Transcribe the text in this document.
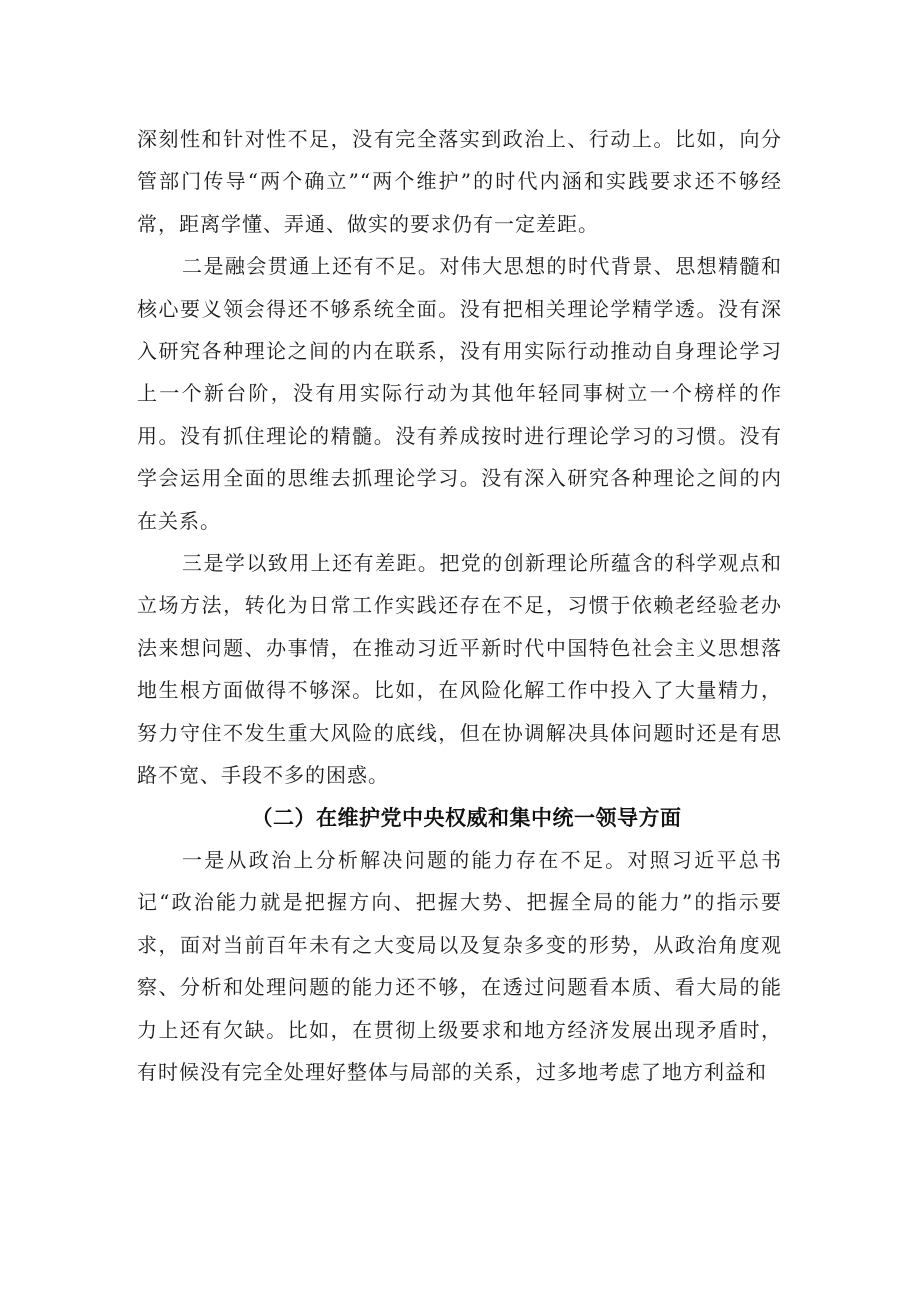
深刻性和针对性不足，没有完全落实到政治上、行动上。比如，向分管部门传导“两个确立”“两个维护”的时代内涵和实践要求还不够经常，距离学懂、弄通、做实的要求仍有一定差距。

二是融会贯通上还有不足。对伟大思想的时代背景、思想精髓和核心要义领会得还不够系统全面。没有把相关理论学精学透。没有深入研究各种理论之间的内在联系，没有用实际行动推动自身理论学习上一个新台阶，没有用实际行动为其他年轻同事树立一个榜样的作用。没有抓住理论的精髓。没有养成按时进行理论学习的习惯。没有学会运用全面的思维去抓理论学习。没有深入研究各种理论之间的内在关系。

三是学以致用上还有差距。把党的创新理论所蕴含的科学观点和立场方法，转化为日常工作实践还存在不足，习惯于依赖老经验老办法来想问题、办事情，在推动习近平新时代中国特色社会主义思想落地生根方面做得不够深。比如，在风险化解工作中投入了大量精力，努力守住不发生重大风险的底线，但在协调解决具体问题时还是有思路不宽、手段不多的困惑。

（二）在维护党中央权威和集中统一领导方面

一是从政治上分析解决问题的能力存在不足。对照习近平总书记“政治能力就是把握方向、把握大势、把握全局的能力”的指示要求，面对当前百年未有之大变局以及复杂多变的形势，从政治角度观察、分析和处理问题的能力还不够，在透过问题看本质、看大局的能力上还有欠缺。比如，在贯彻上级要求和地方经济发展出现矛盾时，有时候没有完全处理好整体与局部的关系，过多地考虑了地方利益和
